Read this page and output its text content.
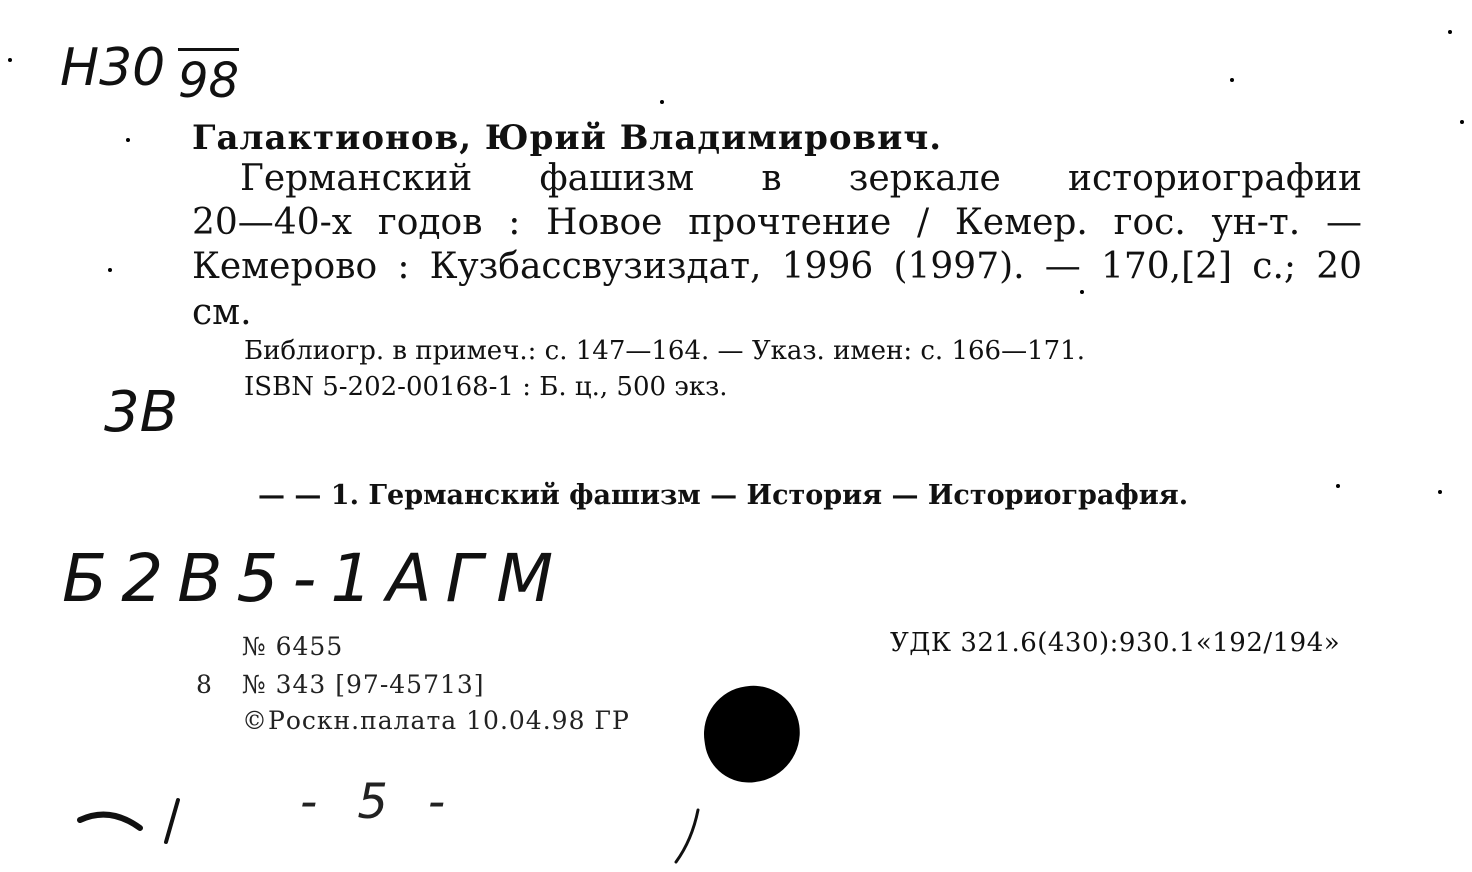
Н30 98
Галактионов, Юрий Владимирович.
Германский фашизм в зеркале историографии
20—40-х годов : Новое прочтение / Кемер. гос. ун-т. —
Кемерово : Кузбассвузиздат, 1996 (1997). — 170,[2] с.; 20
см.
Библиогр. в примеч.: с. 147—164. — Указ. имен: с. 166—171.
ISBN 5-202-00168-1 : Б. ц., 500 экз.
3В
— — 1. Германский фашизм — История — Историография.
Б2В5-1АГМ
№ 6455	УДК 321.6(430):930.1«192/194»
8 № 343 [97-45713]
©Роскн.палата 10.04.98 ГР
-5-
